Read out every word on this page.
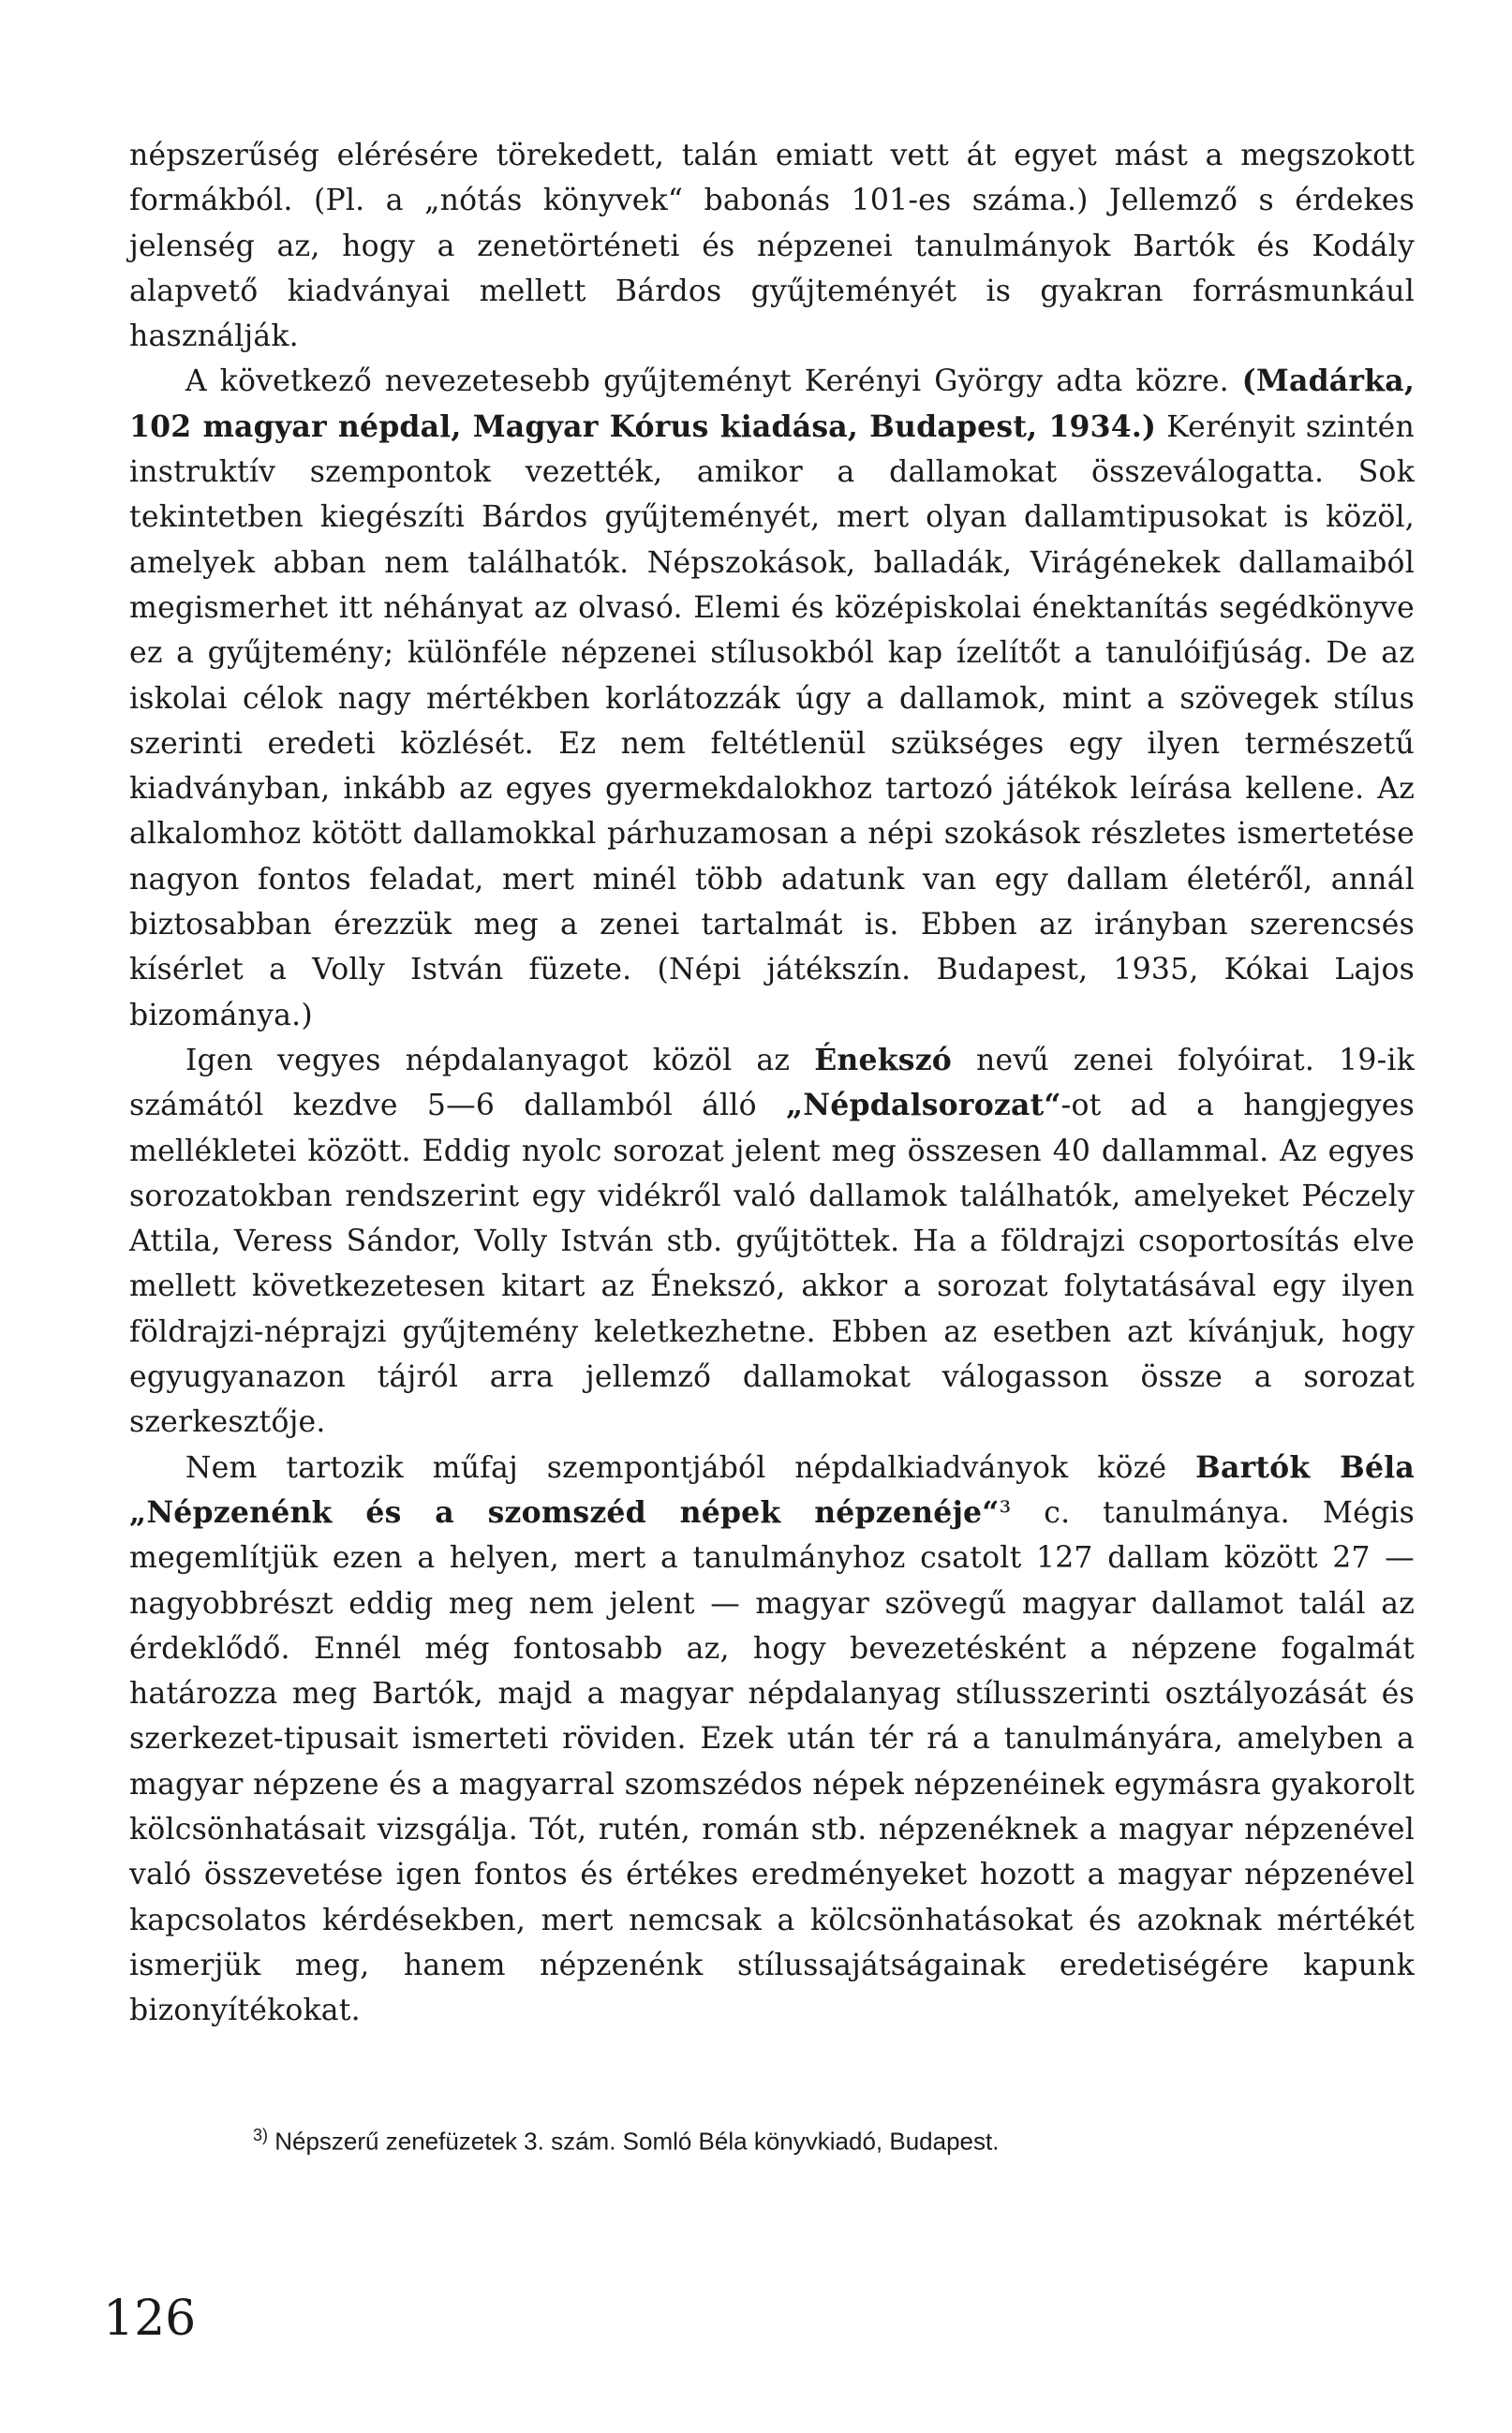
népszerűség elérésére törekedett, talán emiatt vett át egyet mást a megszokott formákból. (Pl. a „nótás könyvek“ babonás 101-es száma.) Jellemző s érdekes jelenség az, hogy a zenetörténeti és népzenei tanulmányok Bartók és Kodály alapvető kiadványai mellett Bárdos gyűjteményét is gyakran forrásmunkául használják.

A következő nevezetesebb gyűjteményt Kerényi György adta közre. (Madárka, 102 magyar népdal, Magyar Kórus kiadása, Budapest, 1934.) Kerényit szintén instruktív szempontok vezették, amikor a dallamokat összeválogatta. Sok tekintetben kiegészíti Bárdos gyűjteményét, mert olyan dallamtipusokat is közöl, amelyek abban nem találhatók. Népszokások, balladák, Virágénekek dallamaiból megismerhet itt néhányat az olvasó. Elemi és középiskolai énektanítás segédkönyve ez a gyűjtemény; különféle népzenei stílusokból kap ízelítőt a tanulóifjúság. De az iskolai célok nagy mértékben korlátozzák úgy a dallamok, mint a szövegek stílus szerinti eredeti közlését. Ez nem feltétlenül szükséges egy ilyen természetű kiadványban, inkább az egyes gyermekdalokhoz tartozó játékok leírása kellene. Az alkalomhoz kötött dallamokkal párhuzamosan a népi szokások részletes ismertetése nagyon fontos feladat, mert minél több adatunk van egy dallam életéről, annál biztosabban érezzük meg a zenei tartalmát is. Ebben az irányban szerencsés kísérlet a Volly István füzete. (Népi játékszín. Budapest, 1935, Kókai Lajos bizománya.)

Igen vegyes népdalanyagot közöl az Énekszó nevű zenei folyóirat. 19-ik számától kezdve 5—6 dallamból álló „Népdalsorozat“-ot ad a hangjegyes mellékletei között. Eddig nyolc sorozat jelent meg összesen 40 dallammal. Az egyes sorozatokban rendszerint egy vidékről való dallamok találhatók, amelyeket Péczely Attila, Veress Sándor, Volly István stb. gyűjtöttek. Ha a földrajzi csoportosítás elve mellett következetesen kitart az Énekszó, akkor a sorozat folytatásával egy ilyen földrajzi-néprajzi gyűjtemény keletkezhetne. Ebben az esetben azt kívánjuk, hogy egyugyanazon tájról arra jellemző dallamokat válogasson össze a sorozat szerkesztője.

Nem tartozik műfaj szempontjából népdalkiadványok közé Bartók Béla „Népzenénk és a szomszéd népek népzenéje“³ c. tanulmánya. Mégis megemlítjük ezen a helyen, mert a tanulmányhoz csatolt 127 dallam között 27 — nagyobbrészt eddig meg nem jelent — magyar szövegű magyar dallamot talál az érdeklődő. Ennél még fontosabb az, hogy bevezetésként a népzene fogalmát határozza meg Bartók, majd a magyar népdalanyag stílusszerinti osztályozását és szerkezet-tipusait ismerteti röviden. Ezek után tér rá a tanulmányára, amelyben a magyar népzene és a magyarral szomszédos népek népzenéinek egymásra gyakorolt kölcsönhatásait vizsgálja. Tót, rutén, román stb. népzenéknek a magyar népzenével való összevetése igen fontos és értékes eredményeket hozott a magyar népzenével kapcsolatos kérdésekben, mert nemcsak a kölcsönhatásokat és azoknak mértékét ismerjük meg, hanem népzenénk stílussajátságainak eredetiségére kapunk bizonyítékokat.

$^{3)}$ Népszerű zenefüzetek 3. szám. Somló Béla könyvkiadó, Budapest.

126
